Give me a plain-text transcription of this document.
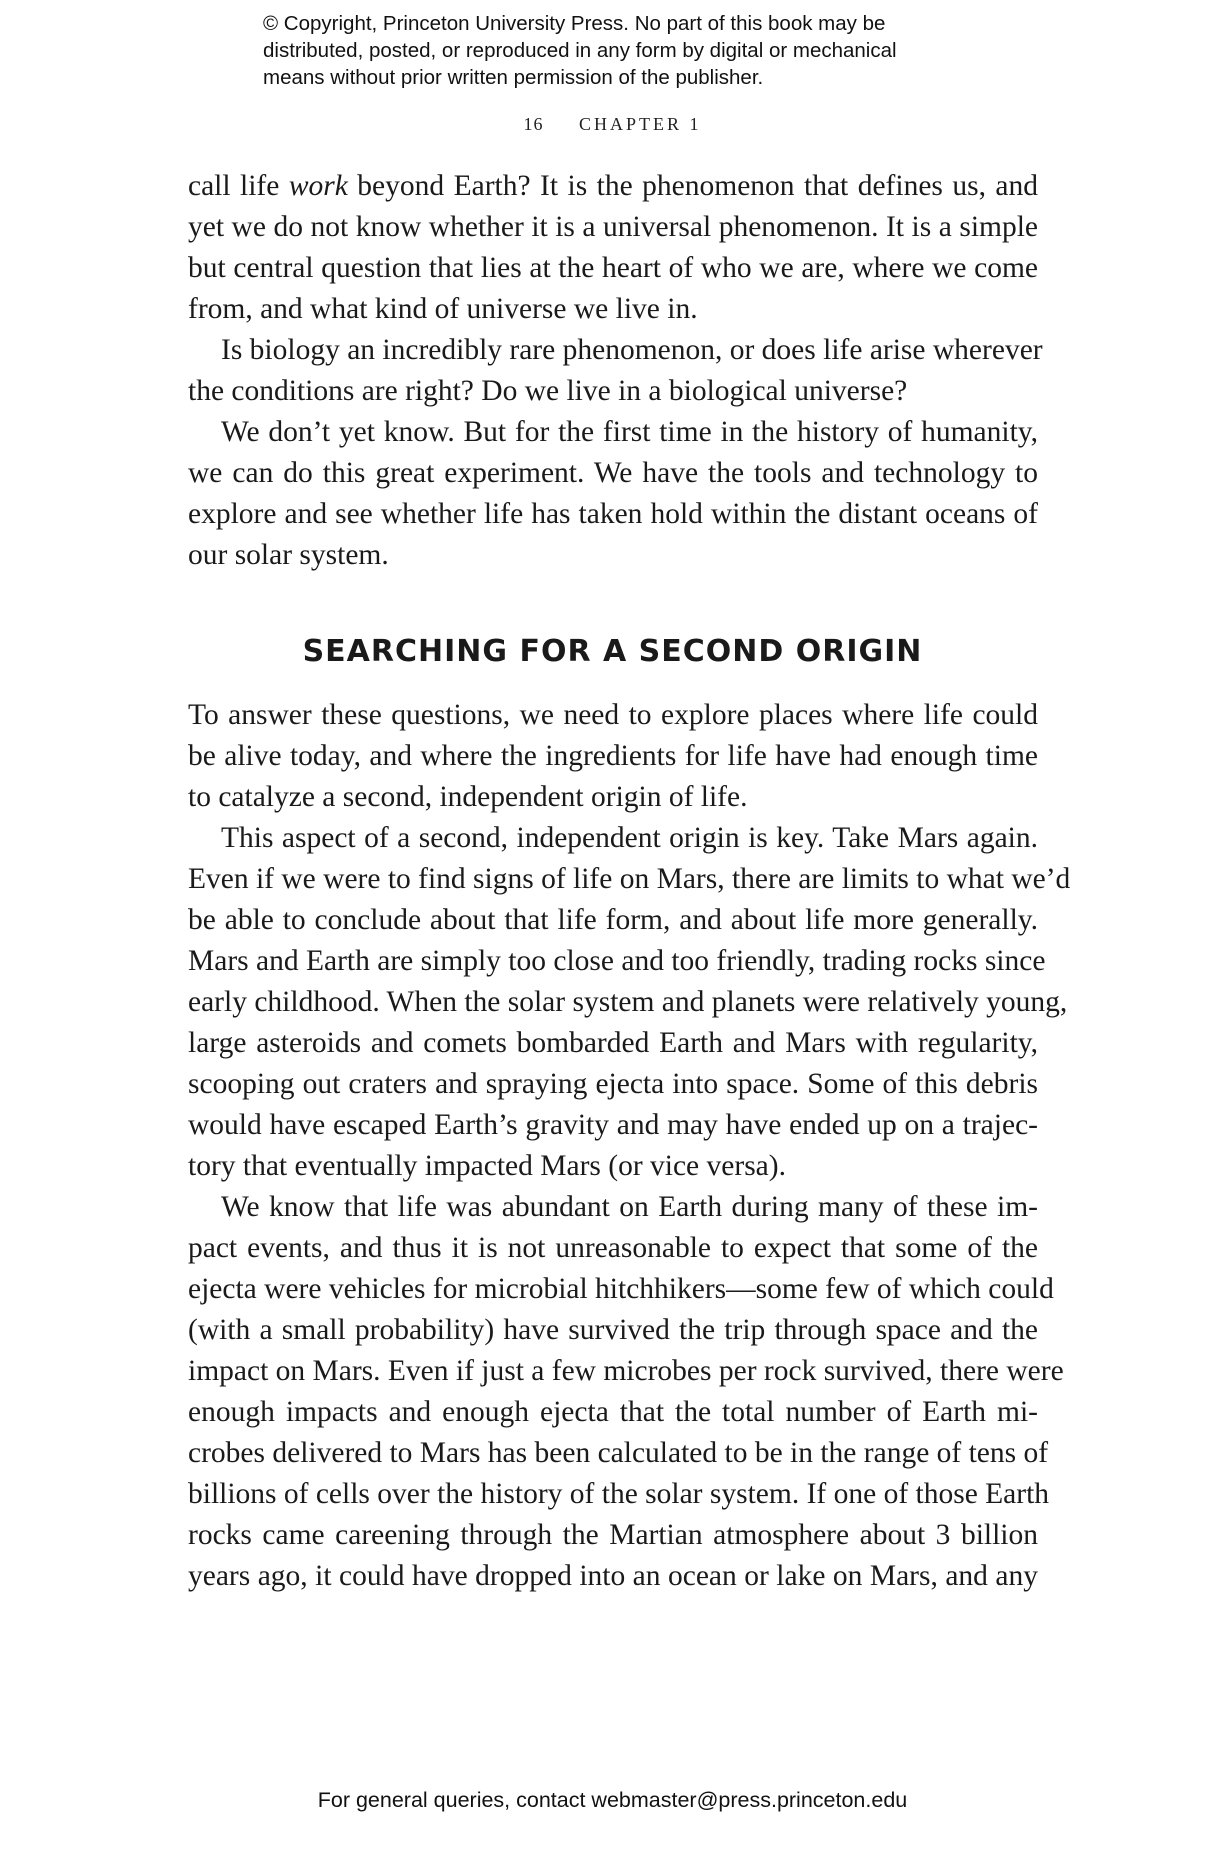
© Copyright, Princeton University Press. No part of this book may be
distributed, posted, or reproduced in any form by digital or mechanical
means without prior written permission of the publisher.
16 CHAPTER 1
call life work beyond Earth? It is the phenomenon that defines us, and
yet we do not know whether it is a universal phenomenon. It is a simple
but central question that lies at the heart of who we are, where we come
from, and what kind of universe we live in.
Is biology an incredibly rare phenomenon, or does life arise wherever
the conditions are right? Do we live in a biological universe?
We don’t yet know. But for the first time in the history of humanity,
we can do this great experiment. We have the tools and technology to
explore and see whether life has taken hold within the distant oceans of
our solar system.
SEARCHING FOR A SECOND ORIGIN
To answer these questions, we need to explore places where life could
be alive today, and where the ingredients for life have had enough time
to catalyze a second, independent origin of life.
This aspect of a second, independent origin is key. Take Mars again.
Even if we were to find signs of life on Mars, there are limits to what we’d
be able to conclude about that life form, and about life more generally.
Mars and Earth are simply too close and too friendly, trading rocks since
early childhood. When the solar system and planets were relatively young,
large asteroids and comets bombarded Earth and Mars with regularity,
scooping out craters and spraying ejecta into space. Some of this debris
would have escaped Earth’s gravity and may have ended up on a trajec-
tory that eventually impacted Mars (or vice versa).
We know that life was abundant on Earth during many of these im-
pact events, and thus it is not unreasonable to expect that some of the
ejecta were vehicles for microbial hitchhikers—some few of which could
(with a small probability) have survived the trip through space and the
impact on Mars. Even if just a few microbes per rock survived, there were
enough impacts and enough ejecta that the total number of Earth mi-
crobes delivered to Mars has been calculated to be in the range of tens of
billions of cells over the history of the solar system. If one of those Earth
rocks came careening through the Martian atmosphere about 3 billion
years ago, it could have dropped into an ocean or lake on Mars, and any
For general queries, contact webmaster@press.princeton.edu
